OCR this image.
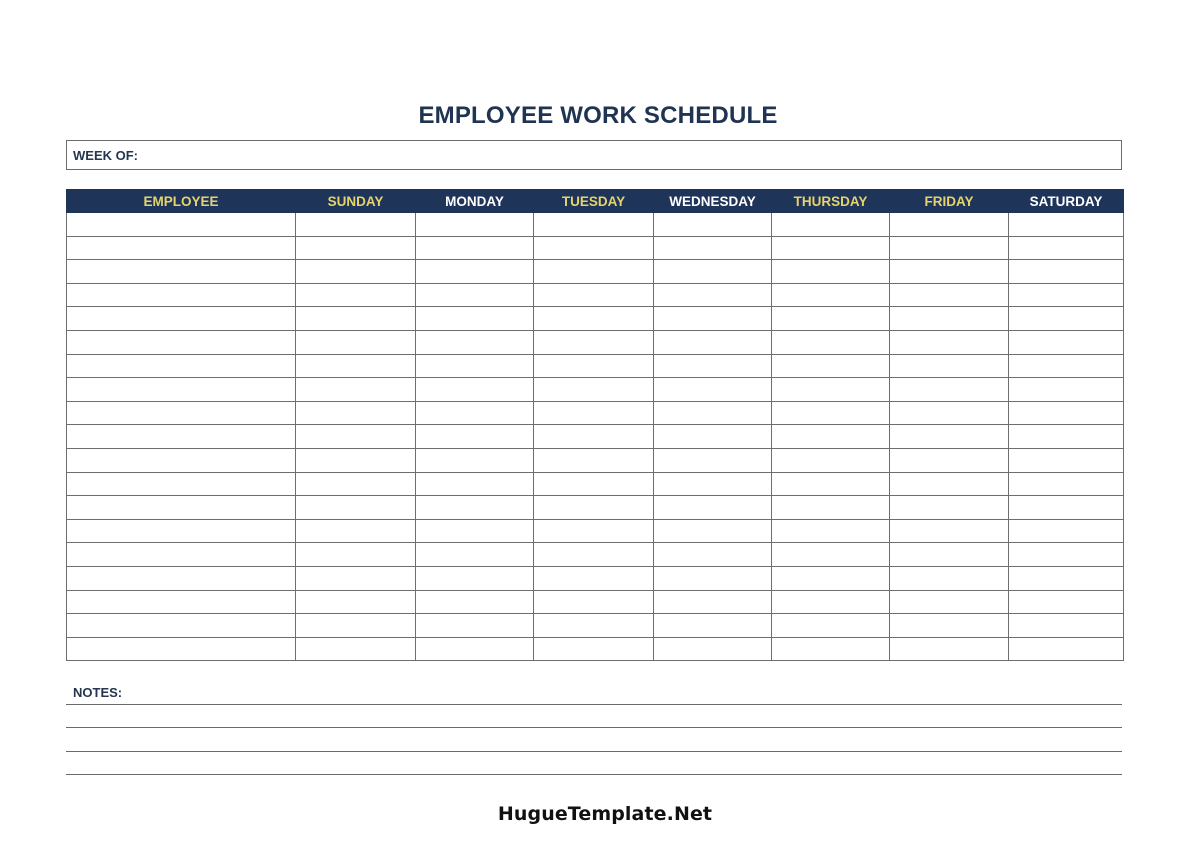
EMPLOYEE WORK SCHEDULE
WEEK OF:
EMPLOYEE	SUNDAY	MONDAY	TUESDAY	WEDNESDAY	THURSDAY	FRIDAY	SATURDAY

NOTES:
HugueTemplate.Net
